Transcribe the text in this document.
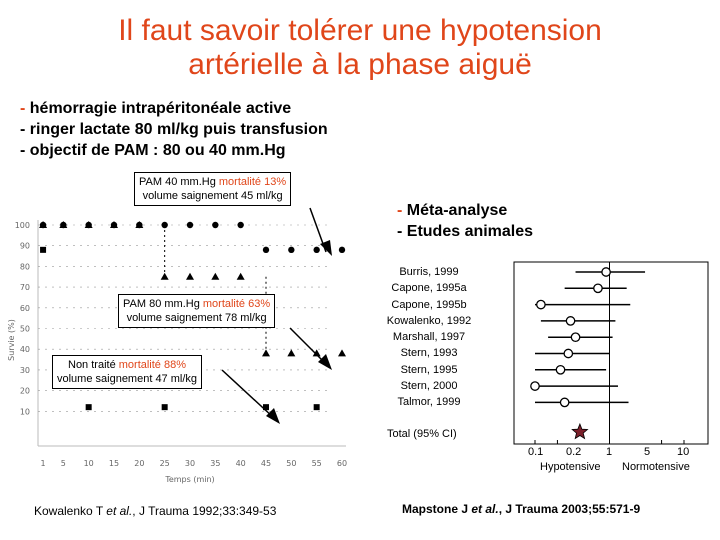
Il faut savoir tolérer une hypotension
artérielle à la phase aiguë
- hémorragie intrapéritonéale active
- ringer lactate 80 ml/kg puis transfusion
- objectif de PAM : 80 ou 40 mm.Hg
100
90
80
70
60
50
40
30
20
10
1 5 10 15 20 25 30 35 40 45 50 55 60
Survie (%)
Temps (min)
PAM 40 mm.Hg mortalité 13%
volume saignement 45 ml/kg
PAM 80 mm.Hg mortalité 63%
volume saignement 78 ml/kg
Non traité mortalité 88%
volume saignement 47 ml/kg
- Méta-analyse
- Etudes animales
Burris, 1999
Capone, 1995a
Capone, 1995b
Kowalenko, 1992
Marshall, 1997
Stern, 1993
Stern, 1995
Stern, 2000
Talmor, 1999
Total (95% CI)
0.1 0.2 1	5 10
Hypotensive Normotensive
Kowalenko T et al., J Trauma 1992;33:349-53	Mapstone J et al., J Trauma 2003;55:571-9
